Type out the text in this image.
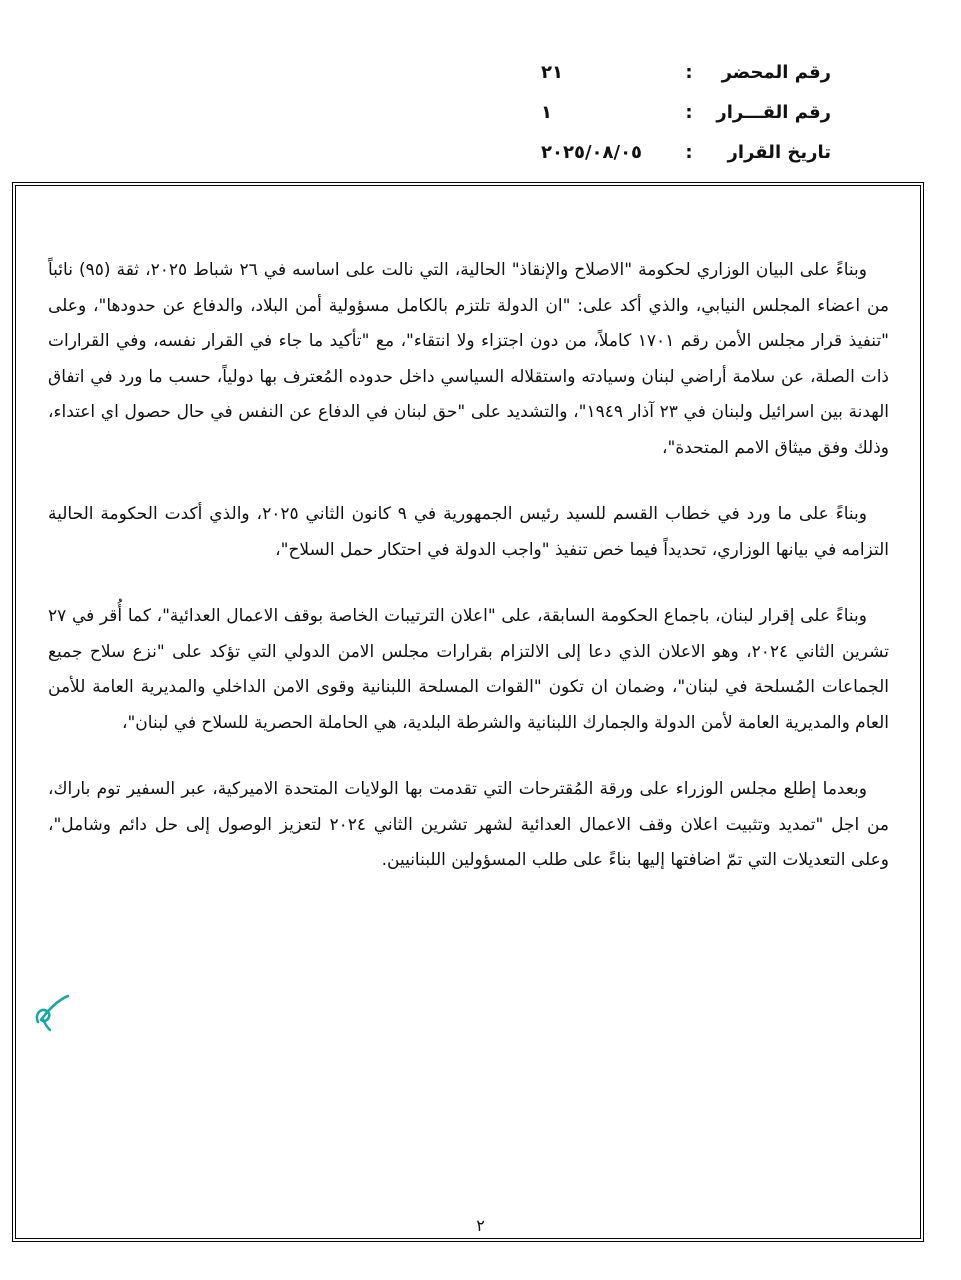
رقم المحضر
:
٢١
رقم القـــرار
:
١
تاريخ القرار
:
٢٠٢٥/٠٨/٠٥

وبناءً على البيان الوزاري لحكومة "الاصلاح والإنقاذ" الحالية، التي نالت على اساسه في ٢٦ شباط ٢٠٢٥، ثقة (٩٥) نائباً من اعضاء المجلس النيابي، والذي أكد على: "ان الدولة تلتزم بالكامل مسؤولية أمن البلاد، والدفاع عن حدودها"، وعلى "تنفيذ قرار مجلس الأمن رقم ١٧٠١ كاملاً، من دون اجتزاء ولا انتقاء"، مع "تأكيد ما جاء في القرار نفسه، وفي القرارات ذات الصلة، عن سلامة أراضي لبنان وسيادته واستقلاله السياسي داخل حدوده المُعترف بها دولياً، حسب ما ورد في اتفاق الهدنة بين اسرائيل ولبنان في ٢٣ آذار ١٩٤٩"، والتشديد على "حق لبنان في الدفاع عن النفس في حال حصول اي اعتداء، وذلك وفق ميثاق الامم المتحدة"،

وبناءً على ما ورد في خطاب القسم للسيد رئيس الجمهورية في ٩ كانون الثاني ٢٠٢٥، والذي أكدت الحكومة الحالية التزامه في بيانها الوزاري، تحديداً فيما خص تنفيذ "واجب الدولة في احتكار حمل السلاح"،

وبناءً على إقرار لبنان، باجماع الحكومة السابقة، على "اعلان الترتيبات الخاصة بوقف الاعمال العدائية"، كما أُقر في ٢٧ تشرين الثاني ٢٠٢٤، وهو الاعلان الذي دعا إلى الالتزام بقرارات مجلس الامن الدولي التي تؤكد على "نزع سلاح جميع الجماعات المُسلحة في لبنان"، وضمان ان تكون "القوات المسلحة اللبنانية وقوى الامن الداخلي والمديرية العامة للأمن العام والمديرية العامة لأمن الدولة والجمارك اللبنانية والشرطة البلدية، هي الحاملة الحصرية للسلاح في لبنان"،

وبعدما إطلع مجلس الوزراء على ورقة المُقترحات التي تقدمت بها الولايات المتحدة الاميركية، عبر السفير توم باراك، من اجل "تمديد وتثبيت اعلان وقف الاعمال العدائية لشهر تشرين الثاني ٢٠٢٤ لتعزيز الوصول إلى حل دائم وشامل"، وعلى التعديلات التي تمّ اضافتها إليها بناءً على طلب المسؤولين اللبنانيين.

٢
